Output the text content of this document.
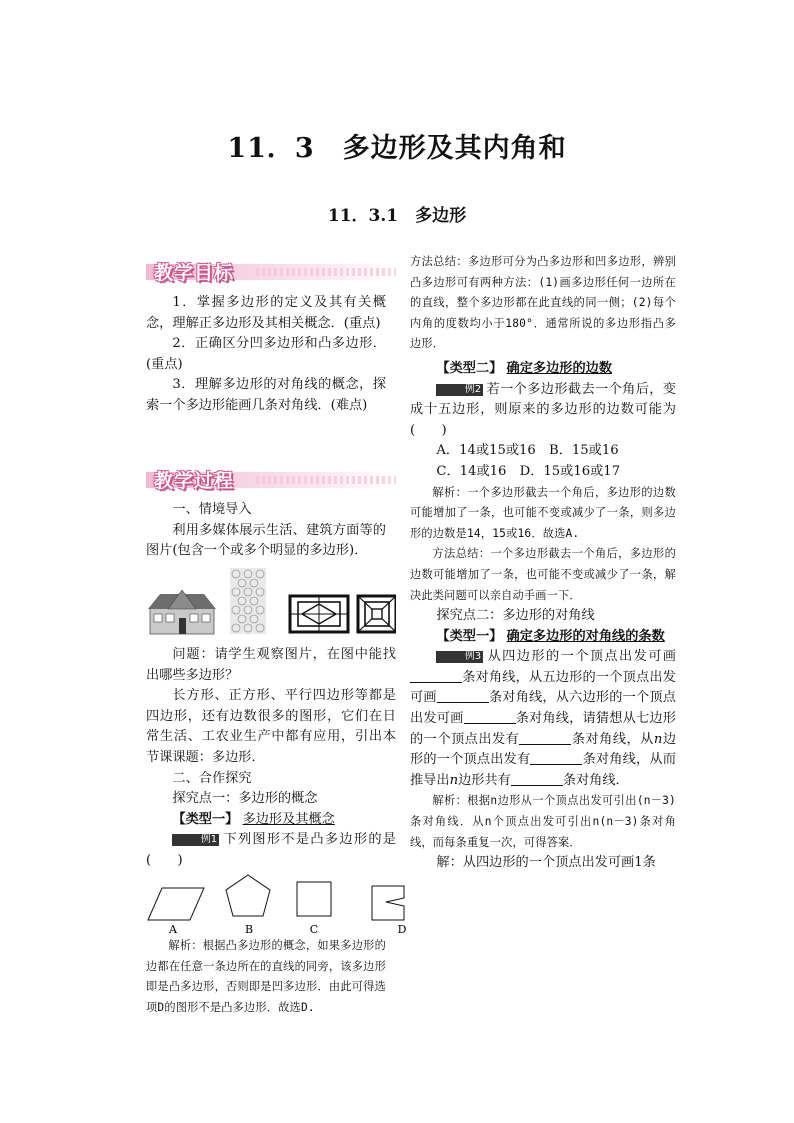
11．3　多边形及其内角和
11．3.1　多边形
教学目标

1．掌握多边形的定义及其有关概念，理解正多边形及其相关概念．(重点)

2．正确区分凹多边形和凸多边形．(重点)

3．理解多边形的对角线的概念，探索一个多边形能画几条对角线．(难点)

教学过程

一、情境导入

利用多媒体展示生活、建筑方面等的图片(包含一个或多个明显的多边形)．

问题：请学生观察图片，在图中能找出哪些多边形？

长方形、正方形、平行四边形等都是四边形，还有边数很多的图形，它们在日常生活、工农业生产中都有应用，引出本节课课题：多边形．

二、合作探究

探究点一：多边形的概念

【类型一】 多边形及其概念

例1 下列图形不是凸多边形的是(　　)

A	B	C	D

解析：根据凸多边形的概念，如果多边形的边都在任意一条边所在的直线的同旁，该多边形即是凸多边形，否则即是凹多边形．由此可得选项D的图形不是凸多边形．故选D.

方法总结：多边形可分为凸多边形和凹多边形，辨别凸多边形可有两种方法：(1)画多边形任何一边所在的直线，整个多边形都在此直线的同一侧；(2)每个内角的度数均小于180°．通常所说的多边形指凸多边形．

【类型二】 确定多边形的边数

例2 若一个多边形截去一个角后，变成十五边形，则原来的多边形的边数可能为(　　)

A．14或15或16　B．15或16

C．14或16　D．15或16或17

解析：一个多边形截去一个角后，多边形的边数可能增加了一条，也可能不变或减少了一条，则多边形的边数是14，15或16．故选A.

方法总结：一个多边形截去一个角后，多边形的边数可能增加了一条，也可能不变或减少了一条，解决此类问题可以亲自动手画一下．

探究点二：多边形的对角线

【类型一】 确定多边形的对角线的条数

例3 从四边形的一个顶点出发可画条对角线，从五边形的一个顶点出发可画	条对角线，从六边形的一个顶点出发可画	条对角线，请猜想从七边形的一个顶点出发有	条对角线，从n边形的一个顶点出发有	条对角线，从而推导出n边形共有	条对角线．

解析：根据n边形从一个顶点出发可引出(n－3)条对角线．从n个顶点出发可引出n(n－3)条对角线，而每条重复一次，可得答案．

解：从四边形的一个顶点出发可画1条
